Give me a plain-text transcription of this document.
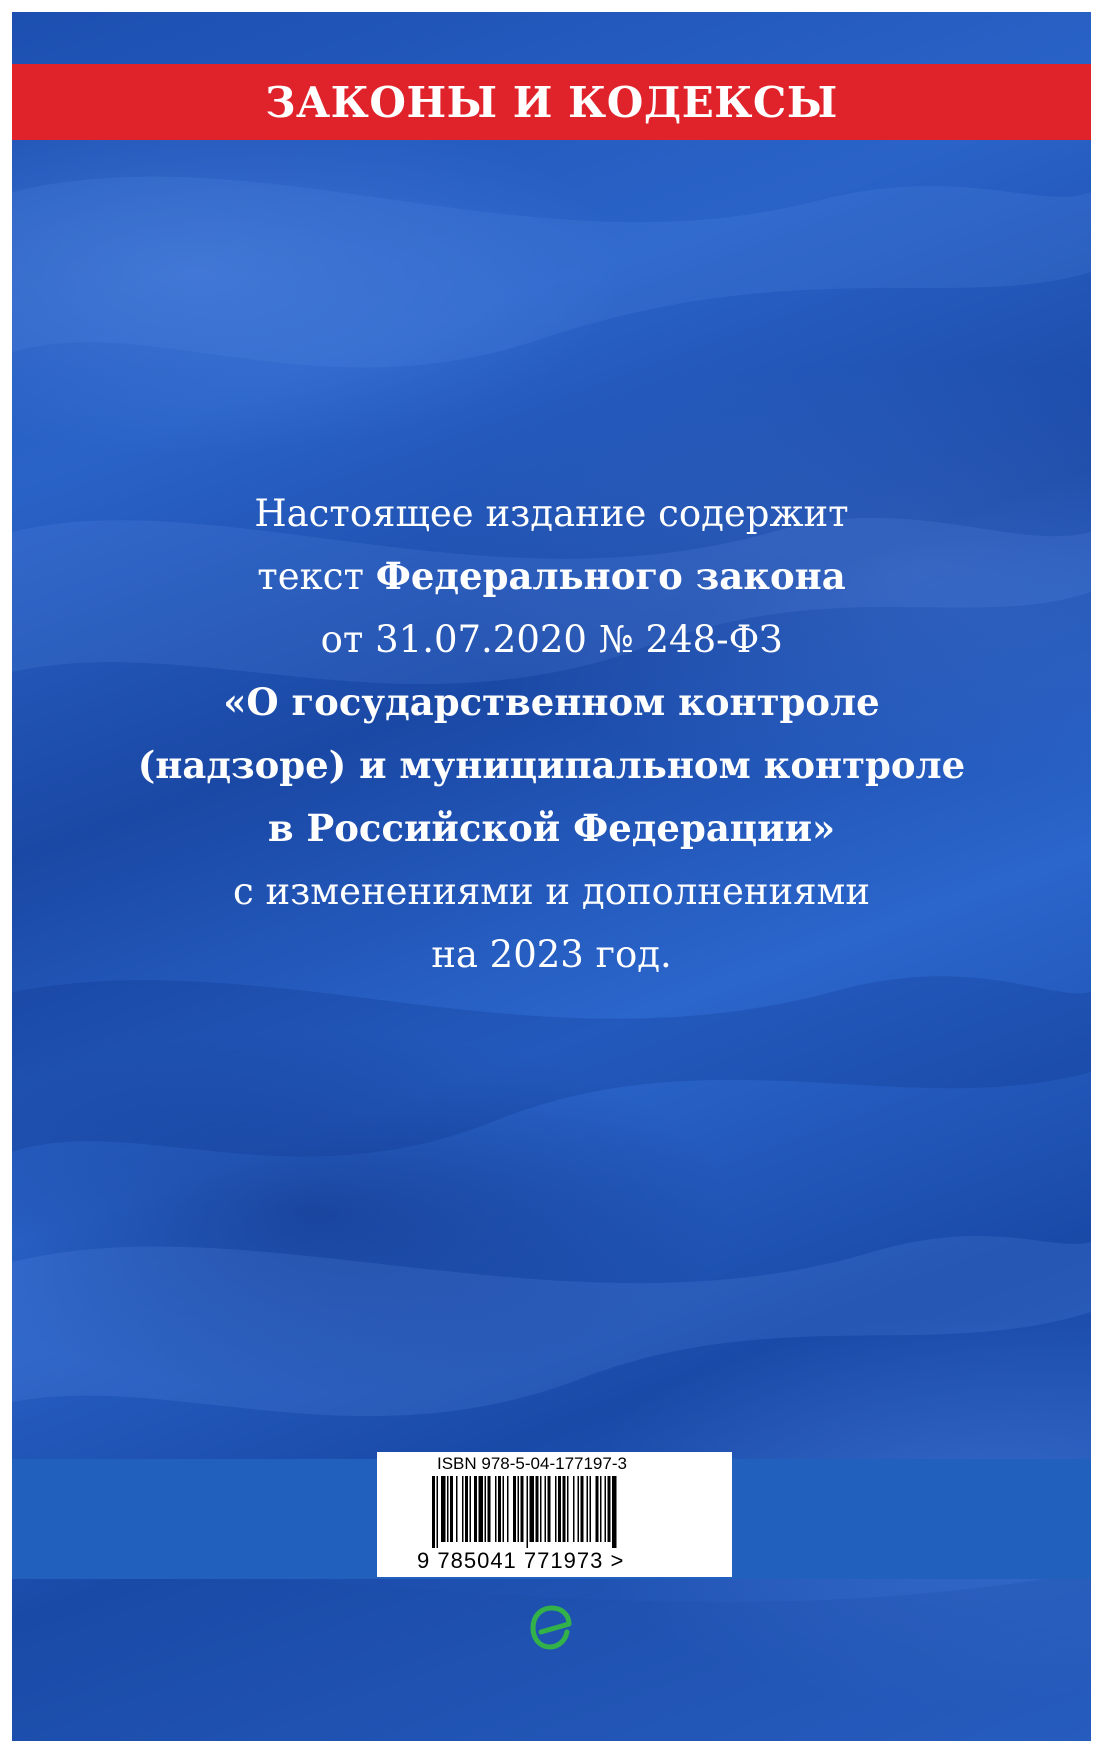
ЗАКОНЫ И КОДЕКСЫ
Настоящее издание содержит
текст Федерального закона
от 31.07.2020 № 248-ФЗ
«О государственном контроле
(надзоре) и муниципальном контроле
в Российской Федерации»
с изменениями и дополнениями
на 2023 год.
ISBN 978-5-04-177197-3
9 785041 771973 >
